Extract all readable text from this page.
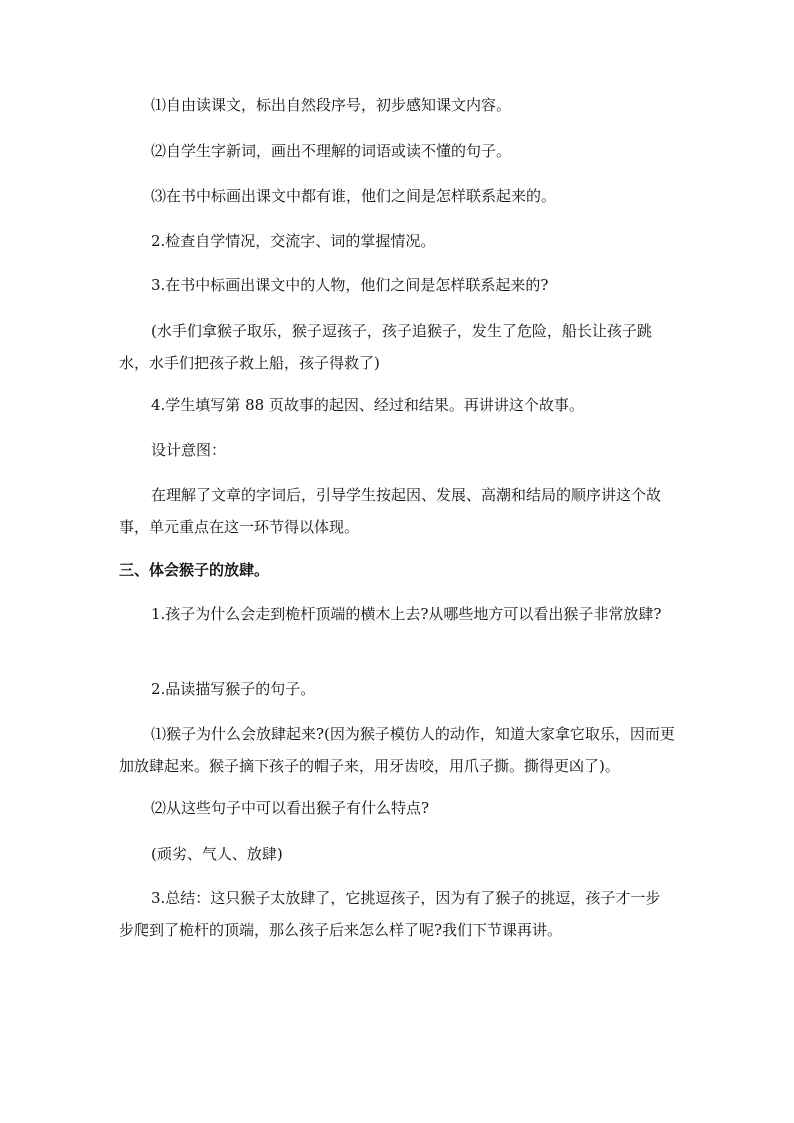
⑴自由读课文，标出自然段序号，初步感知课文内容。

⑵自学生字新词，画出不理解的词语或读不懂的句子。

⑶在书中标画出课文中都有谁，他们之间是怎样联系起来的。

2.检查自学情况，交流字、词的掌握情况。

3.在书中标画出课文中的人物，他们之间是怎样联系起来的?

(水手们拿猴子取乐，猴子逗孩子，孩子追猴子，发生了危险，船长让孩子跳水，水手们把孩子救上船，孩子得救了)

4.学生填写第 88 页故事的起因、经过和结果。再讲讲这个故事。

设计意图：

在理解了文章的字词后，引导学生按起因、发展、高潮和结局的顺序讲这个故事，单元重点在这一环节得以体现。

三、体会猴子的放肆。

1.孩子为什么会走到桅杆顶端的横木上去?从哪些地方可以看出猴子非常放肆?

2.品读描写猴子的句子。

⑴猴子为什么会放肆起来?(因为猴子模仿人的动作，知道大家拿它取乐，因而更加放肆起来。猴子摘下孩子的帽子来，用牙齿咬，用爪子撕。撕得更凶了)。

⑵从这些句子中可以看出猴子有什么特点?

(顽劣、气人、放肆)

3.总结：这只猴子太放肆了，它挑逗孩子，因为有了猴子的挑逗，孩子才一步步爬到了桅杆的顶端，那么孩子后来怎么样了呢?我们下节课再讲。
